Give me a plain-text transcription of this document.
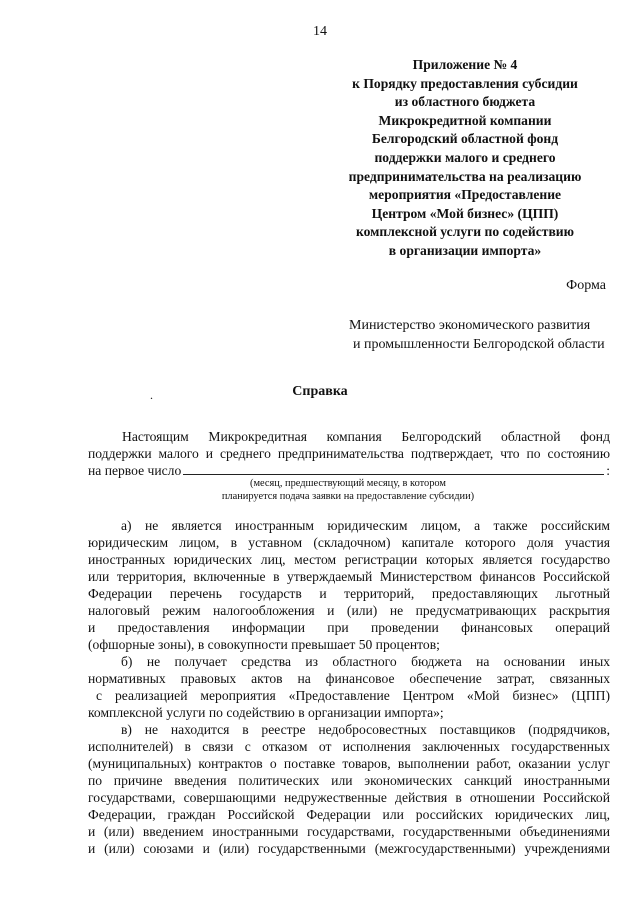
14
Приложение № 4
к Порядку предоставления субсидии
из областного бюджета
Микрокредитной компании
Белгородский областной фонд
поддержки малого и среднего
предпринимательства на реализацию
мероприятия «Предоставление
Центром «Мой бизнес» (ЦПП)
комплексной услуги по содействию
в организации импорта»
Форма
Министерство экономического развития
и промышленности Белгородской области
.	Справка
Настоящим Микрокредитная компания Белгородский областной фонд
поддержки малого и среднего предпринимательства подтверждает, что по состоянию
на первое число	:
(месяц, предшествующий месяцу, в котором
планируется подача заявки на предоставление субсидии)
а) не является иностранным юридическим лицом, а также российским
юридическим лицом, в уставном (складочном) капитале которого доля участия
иностранных юридических лиц, местом регистрации которых является государство
или территория, включенные в утверждаемый Министерством финансов Российской
Федерации перечень государств и территорий, предоставляющих льготный
налоговый режим налогообложения и (или) не предусматривающих раскрытия
и предоставления информации при проведении финансовых операций
(офшорные зоны), в совокупности превышает 50 процентов;
б) не получает средства из областного бюджета на основании иных
нормативных правовых актов на финансовое обеспечение затрат, связанных
с реализацией мероприятия «Предоставление Центром «Мой бизнес» (ЦПП)
комплексной услуги по содействию в организации импорта»;
в) не находится в реестре недобросовестных поставщиков (подрядчиков,
исполнителей) в связи с отказом от исполнения заключенных государственных
(муниципальных) контрактов о поставке товаров, выполнении работ, оказании услуг
по причине введения политических или экономических санкций иностранными
государствами, совершающими недружественные действия в отношении Российской
Федерации, граждан Российской Федерации или российских юридических лиц,
и (или) введением иностранными государствами, государственными объединениями
и (или) союзами и (или) государственными (межгосударственными) учреждениями
